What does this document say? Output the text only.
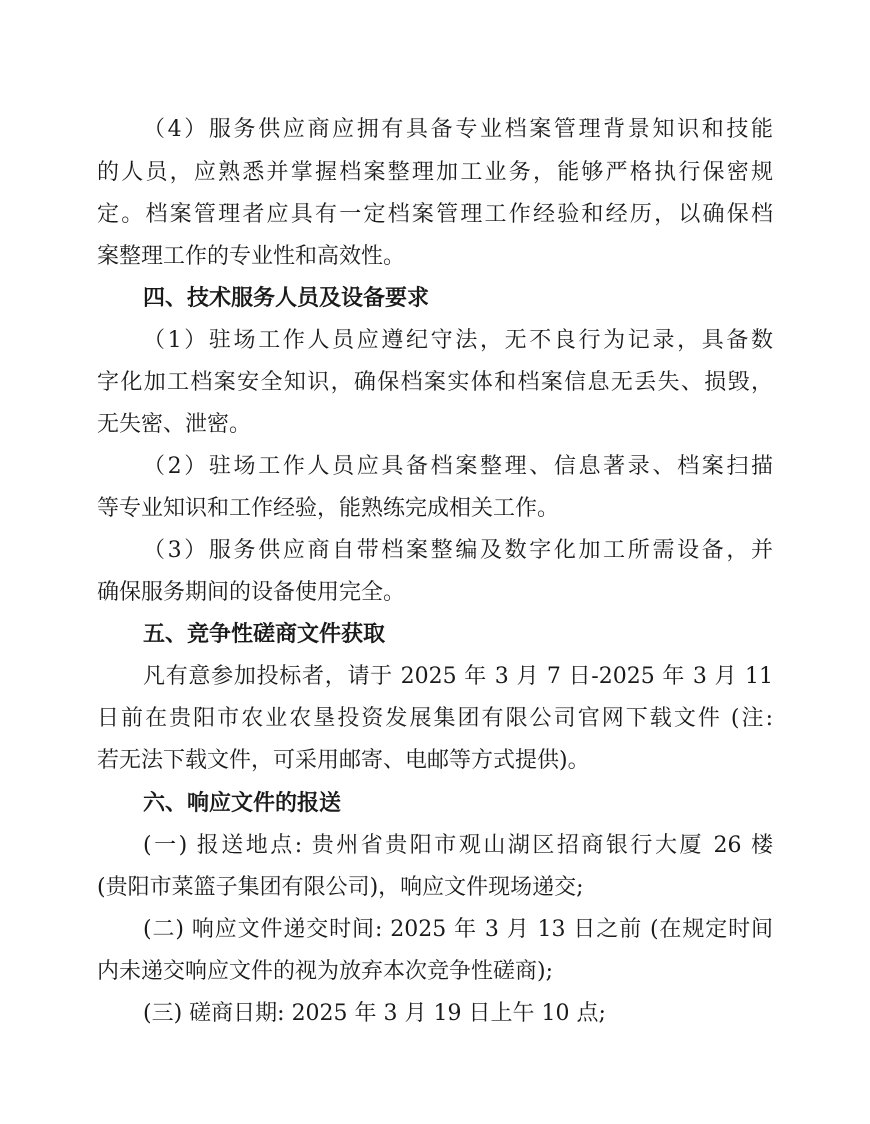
（4）服务供应商应拥有具备专业档案管理背景知识和技能
的人员，应熟悉并掌握档案整理加工业务，能够严格执行保密规
定。档案管理者应具有一定档案管理工作经验和经历，以确保档
案整理工作的专业性和高效性。
四、技术服务人员及设备要求
（1）驻场工作人员应遵纪守法，无不良行为记录，具备数
字化加工档案安全知识，确保档案实体和档案信息无丢失、损毁，
无失密、泄密。
（2）驻场工作人员应具备档案整理、信息著录、档案扫描
等专业知识和工作经验，能熟练完成相关工作。
（3）服务供应商自带档案整编及数字化加工所需设备，并
确保服务期间的设备使用完全。
五、竞争性磋商文件获取
凡有意参加投标者，请于 2025 年 3 月 7 日-2025 年 3 月 11
日前在贵阳市农业农垦投资发展集团有限公司官网下载文件 (注:
若无法下载文件，可采用邮寄、电邮等方式提供)。
六、响应文件的报送
(一) 报送地点: 贵州省贵阳市观山湖区招商银行大厦 26 楼
(贵阳市菜篮子集团有限公司)，响应文件现场递交;
(二) 响应文件递交时间: 2025 年 3 月 13 日之前 (在规定时间
内未递交响应文件的视为放弃本次竞争性磋商);
(三) 磋商日期: 2025 年 3 月 19 日上午 10 点;
